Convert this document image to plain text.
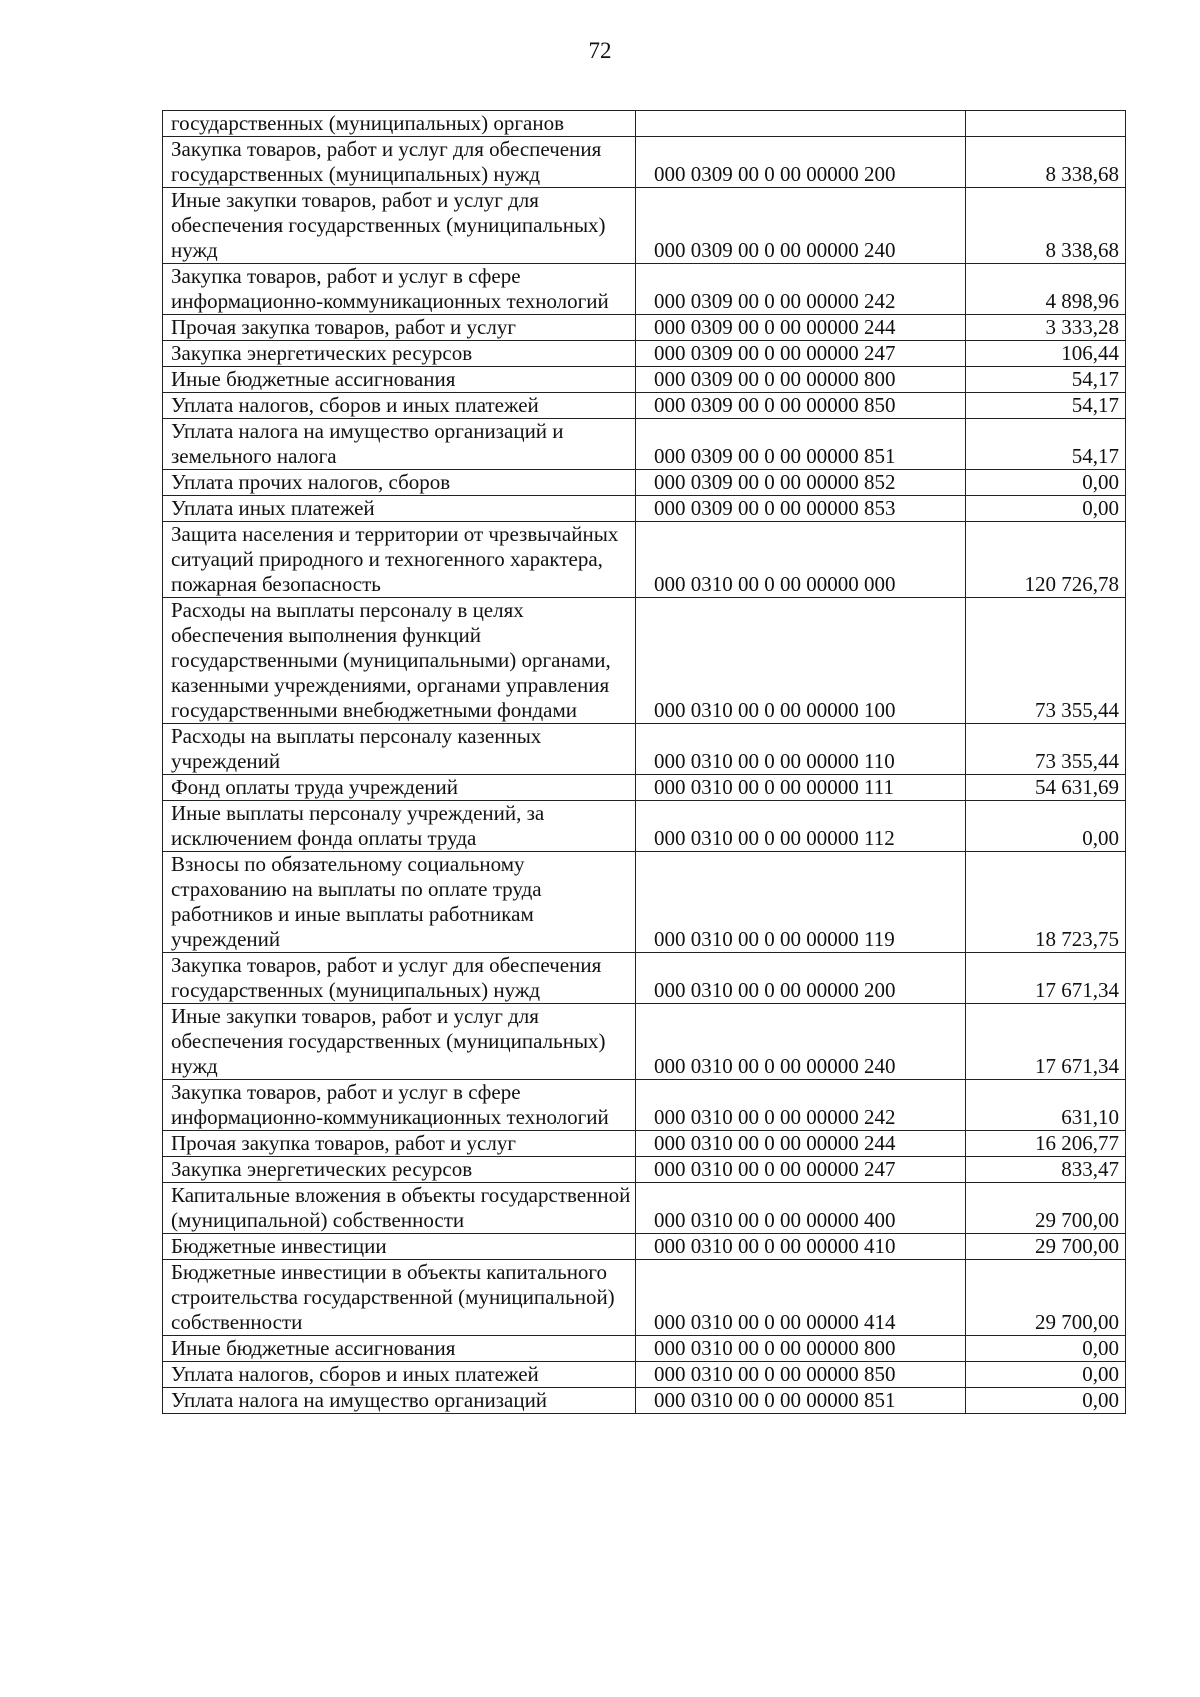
72
государственных (муниципальных) органов		
Закупка товаров, работ и услуг для обеспечения государственных (муниципальных) нужд	000 0309 00 0 00 00000 200	8 338,68
Иные закупки товаров, работ и услуг для обеспечения государственных (муниципальных) нужд	000 0309 00 0 00 00000 240	8 338,68
Закупка товаров, работ и услуг в сфере информационно-коммуникационных технологий	000 0309 00 0 00 00000 242	4 898,96
Прочая закупка товаров, работ и услуг	000 0309 00 0 00 00000 244	3 333,28
Закупка энергетических ресурсов	000 0309 00 0 00 00000 247	106,44
Иные бюджетные ассигнования	000 0309 00 0 00 00000 800	54,17
Уплата налогов, сборов и иных платежей	000 0309 00 0 00 00000 850	54,17
Уплата налога на имущество организаций и земельного налога	000 0309 00 0 00 00000 851	54,17
Уплата прочих налогов, сборов	000 0309 00 0 00 00000 852	0,00
Уплата иных платежей	000 0309 00 0 00 00000 853	0,00
Защита населения и территории от чрезвычайных ситуаций природного и техногенного характера, пожарная безопасность	000 0310 00 0 00 00000 000	120 726,78
Расходы на выплаты персоналу в целях обеспечения выполнения функций государственными (муниципальными) органами, казенными учреждениями, органами управления государственными внебюджетными фондами	000 0310 00 0 00 00000 100	73 355,44
Расходы на выплаты персоналу казенных учреждений	000 0310 00 0 00 00000 110	73 355,44
Фонд оплаты труда учреждений	000 0310 00 0 00 00000 111	54 631,69
Иные выплаты персоналу учреждений, за исключением фонда оплаты труда	000 0310 00 0 00 00000 112	0,00
Взносы по обязательному социальному страхованию на выплаты по оплате труда работников и иные выплаты работникам учреждений	000 0310 00 0 00 00000 119	18 723,75
Закупка товаров, работ и услуг для обеспечения государственных (муниципальных) нужд	000 0310 00 0 00 00000 200	17 671,34
Иные закупки товаров, работ и услуг для обеспечения государственных (муниципальных) нужд	000 0310 00 0 00 00000 240	17 671,34
Закупка товаров, работ и услуг в сфере информационно-коммуникационных технологий	000 0310 00 0 00 00000 242	631,10
Прочая закупка товаров, работ и услуг	000 0310 00 0 00 00000 244	16 206,77
Закупка энергетических ресурсов	000 0310 00 0 00 00000 247	833,47
Капитальные вложения в объекты государственной (муниципальной) собственности	000 0310 00 0 00 00000 400	29 700,00
Бюджетные инвестиции	000 0310 00 0 00 00000 410	29 700,00
Бюджетные инвестиции в объекты капитального строительства государственной (муниципальной) собственности	000 0310 00 0 00 00000 414	29 700,00
Иные бюджетные ассигнования	000 0310 00 0 00 00000 800	0,00
Уплата налогов, сборов и иных платежей	000 0310 00 0 00 00000 850	0,00
Уплата налога на имущество организаций	000 0310 00 0 00 00000 851	0,00
